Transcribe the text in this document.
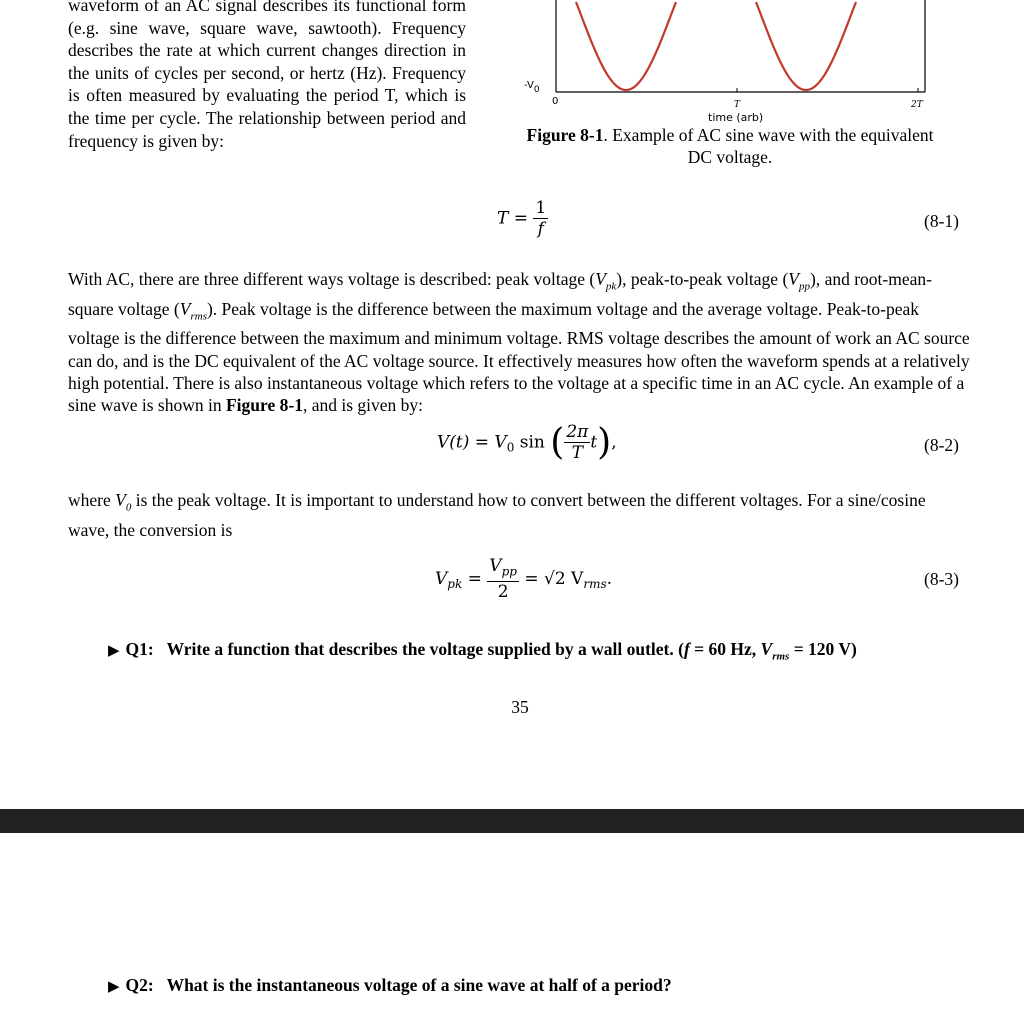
waveform of an AC signal describes its functional form (e.g. sine wave, square wave, sawtooth). Frequency describes the rate at which current changes direction in the units of cycles per second, or hertz (Hz). Frequency is often measured by evaluating the period T, which is the time per cycle. The relationship between period and frequency is given by:
-V0
0	T	2T
time (arb)
Figure 8-1. Example of AC sine wave with the equivalent DC voltage.
$T = \frac{1}{f}$	(8-1)
With AC, there are three different ways voltage is described: peak voltage $(V_{pk})$, peak-to-peak voltage $(V_{pp})$, and root-mean-square voltage $(V_{rms})$. Peak voltage is the difference between the maximum voltage and the average voltage. Peak-to-peak voltage is the difference between the maximum and minimum voltage. RMS voltage describes the amount of work an AC source can do, and is the DC equivalent of the AC voltage source. It effectively measures how often the waveform spends at a relatively high potential. There is also instantaneous voltage which refers to the voltage at a specific time in an AC cycle. An example of a sine wave is shown in Figure 8-1, and is given by:
$V(t) = V_0$ sin ( $\frac{2\pi}{T} t$),	(8-2)
where $V_0$ is the peak voltage. It is important to understand how to convert between the different voltages. For a sine/cosine wave, the conversion is
$V_{pk} = \frac{V_{pp}}{2} = √2$ $V_{rms}$.	(8-3)
▶ Q1: Write a function that describes the voltage supplied by a wall outlet. (f = 60 Hz, $V_{rms} = 120$ V)
35
▶ Q2: What is the instantaneous voltage of a sine wave at half of a period?
